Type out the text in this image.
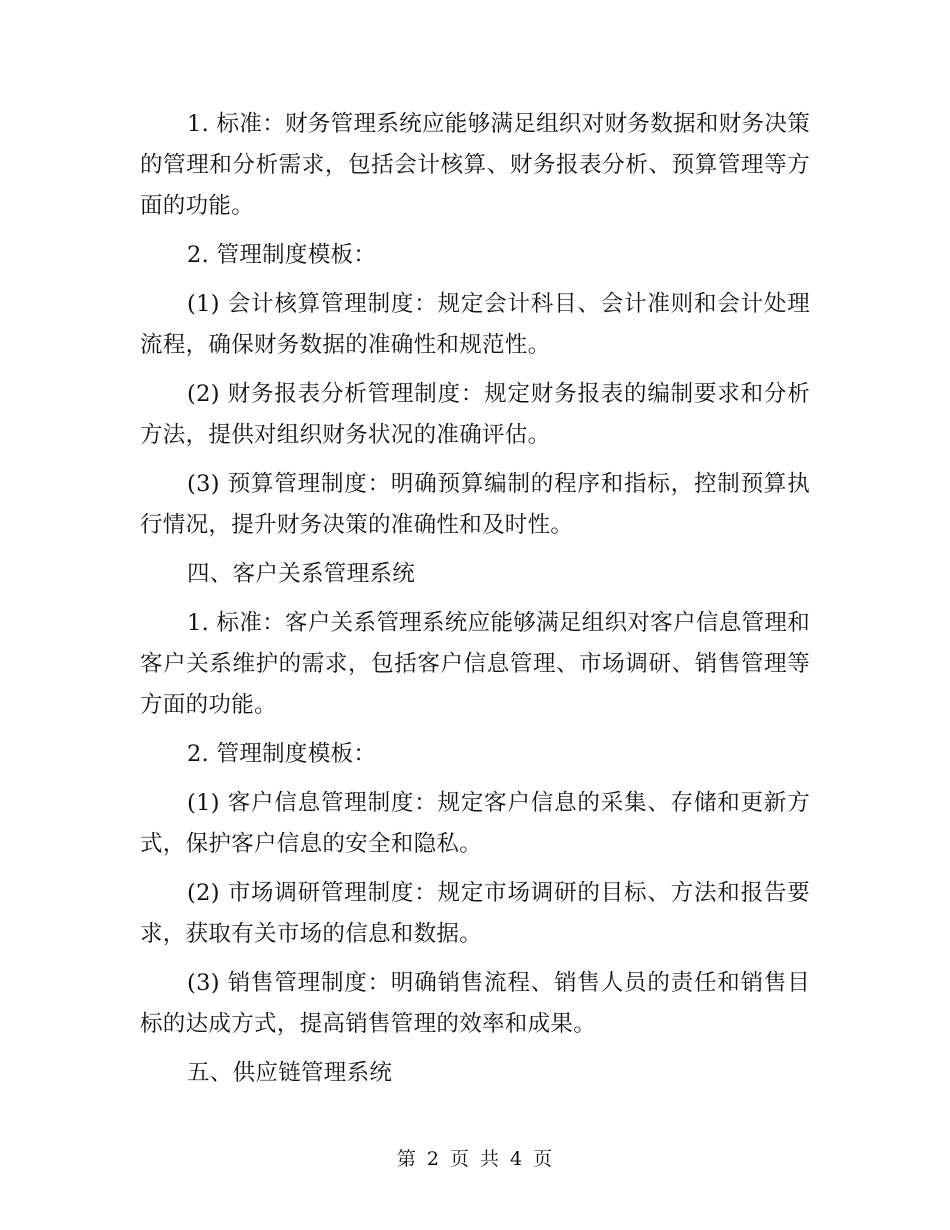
1. 标准：财务管理系统应能够满足组织对财务数据和财务决策的管理和分析需求，包括会计核算、财务报表分析、预算管理等方面的功能。

2. 管理制度模板：

(1) 会计核算管理制度：规定会计科目、会计准则和会计处理流程，确保财务数据的准确性和规范性。

(2) 财务报表分析管理制度：规定财务报表的编制要求和分析方法，提供对组织财务状况的准确评估。

(3) 预算管理制度：明确预算编制的程序和指标，控制预算执行情况，提升财务决策的准确性和及时性。

四、客户关系管理系统

1. 标准：客户关系管理系统应能够满足组织对客户信息管理和客户关系维护的需求，包括客户信息管理、市场调研、销售管理等方面的功能。

2. 管理制度模板：

(1) 客户信息管理制度：规定客户信息的采集、存储和更新方式，保护客户信息的安全和隐私。

(2) 市场调研管理制度：规定市场调研的目标、方法和报告要求，获取有关市场的信息和数据。

(3) 销售管理制度：明确销售流程、销售人员的责任和销售目标的达成方式，提高销售管理的效率和成果。

五、供应链管理系统

第 2 页 共 4 页
